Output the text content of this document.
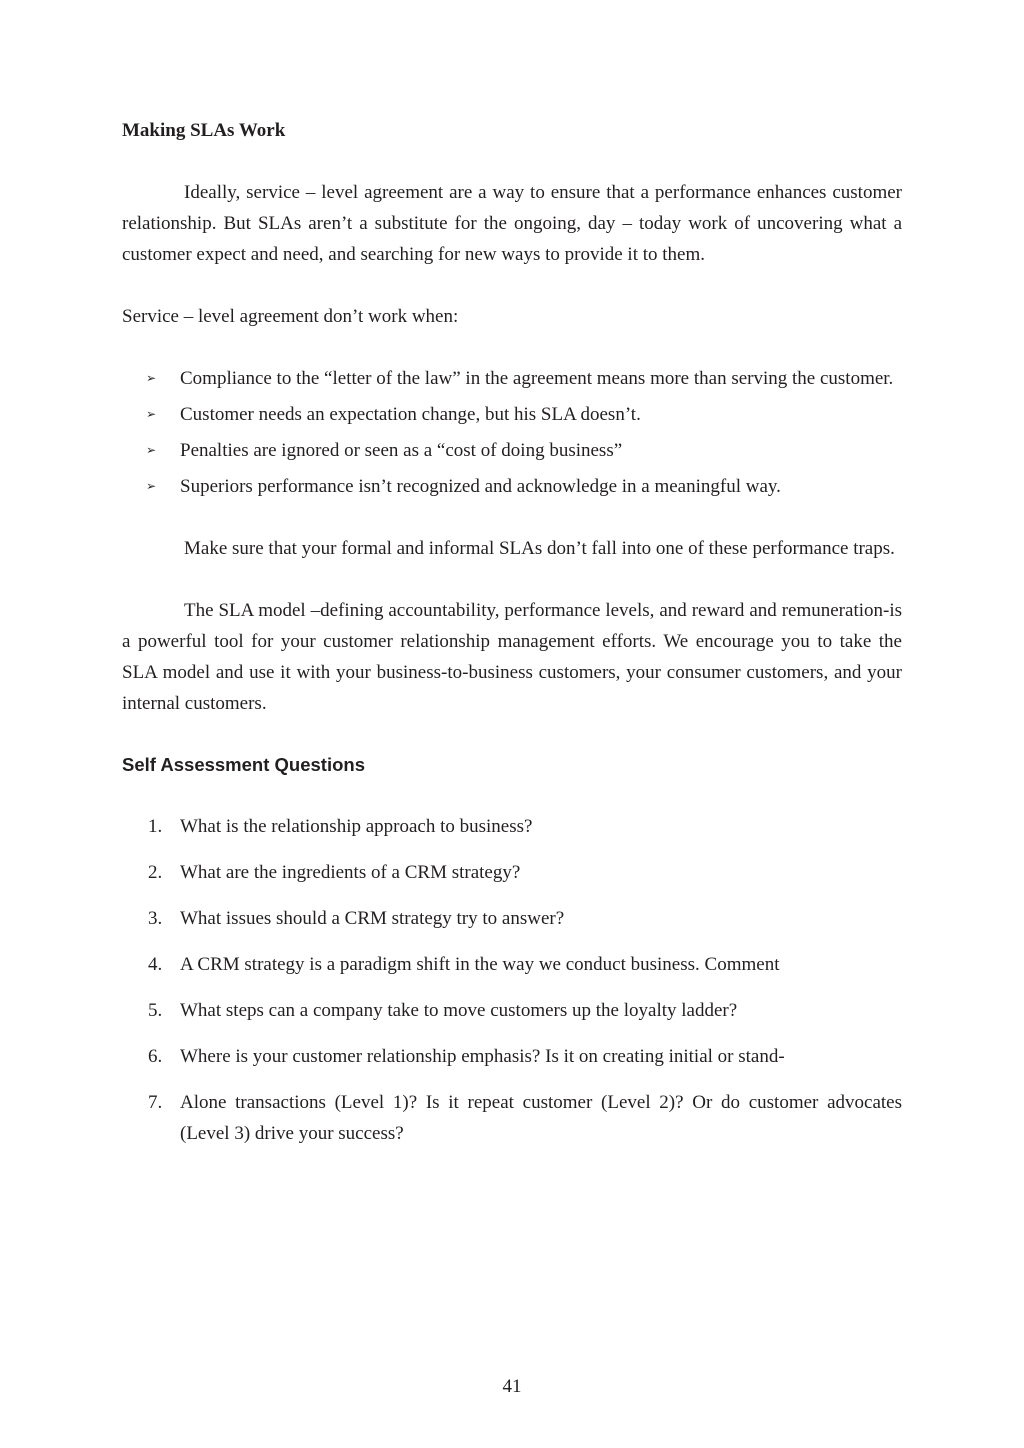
Making SLAs Work

Ideally, service – level agreement are a way to ensure that a performance enhances customer relationship. But SLAs aren’t a substitute for the ongoing, day – today work of uncovering what a customer expect and need, and searching for new ways to provide it to them.

Service – level agreement don’t work when:

➢ Compliance to the “letter of the law” in the agreement means more than serving the customer.
➢ Customer needs an expectation change, but his SLA doesn’t.
➢ Penalties are ignored or seen as a “cost of doing business”
➢ Superiors performance isn’t recognized and acknowledge in a meaningful way.

Make sure that your formal and informal SLAs don’t fall into one of these performance traps.

The SLA model –defining accountability, performance levels, and reward and remuneration-is a powerful tool for your customer relationship management efforts. We encourage you to take the SLA model and use it with your business-to-business customers, your consumer customers, and your internal customers.

Self Assessment Questions
1. What is the relationship approach to business?
2. What are the ingredients of a CRM strategy?
3. What issues should a CRM strategy try to answer?
4. A CRM strategy is a paradigm shift in the way we conduct business. Comment
5. What steps can a company take to move customers up the loyalty ladder?
6. Where is your customer relationship emphasis? Is it on creating initial or stand-
7. Alone transactions (Level 1)? Is it repeat customer (Level 2)? Or do customer advocates (Level 3) drive your success?
41
